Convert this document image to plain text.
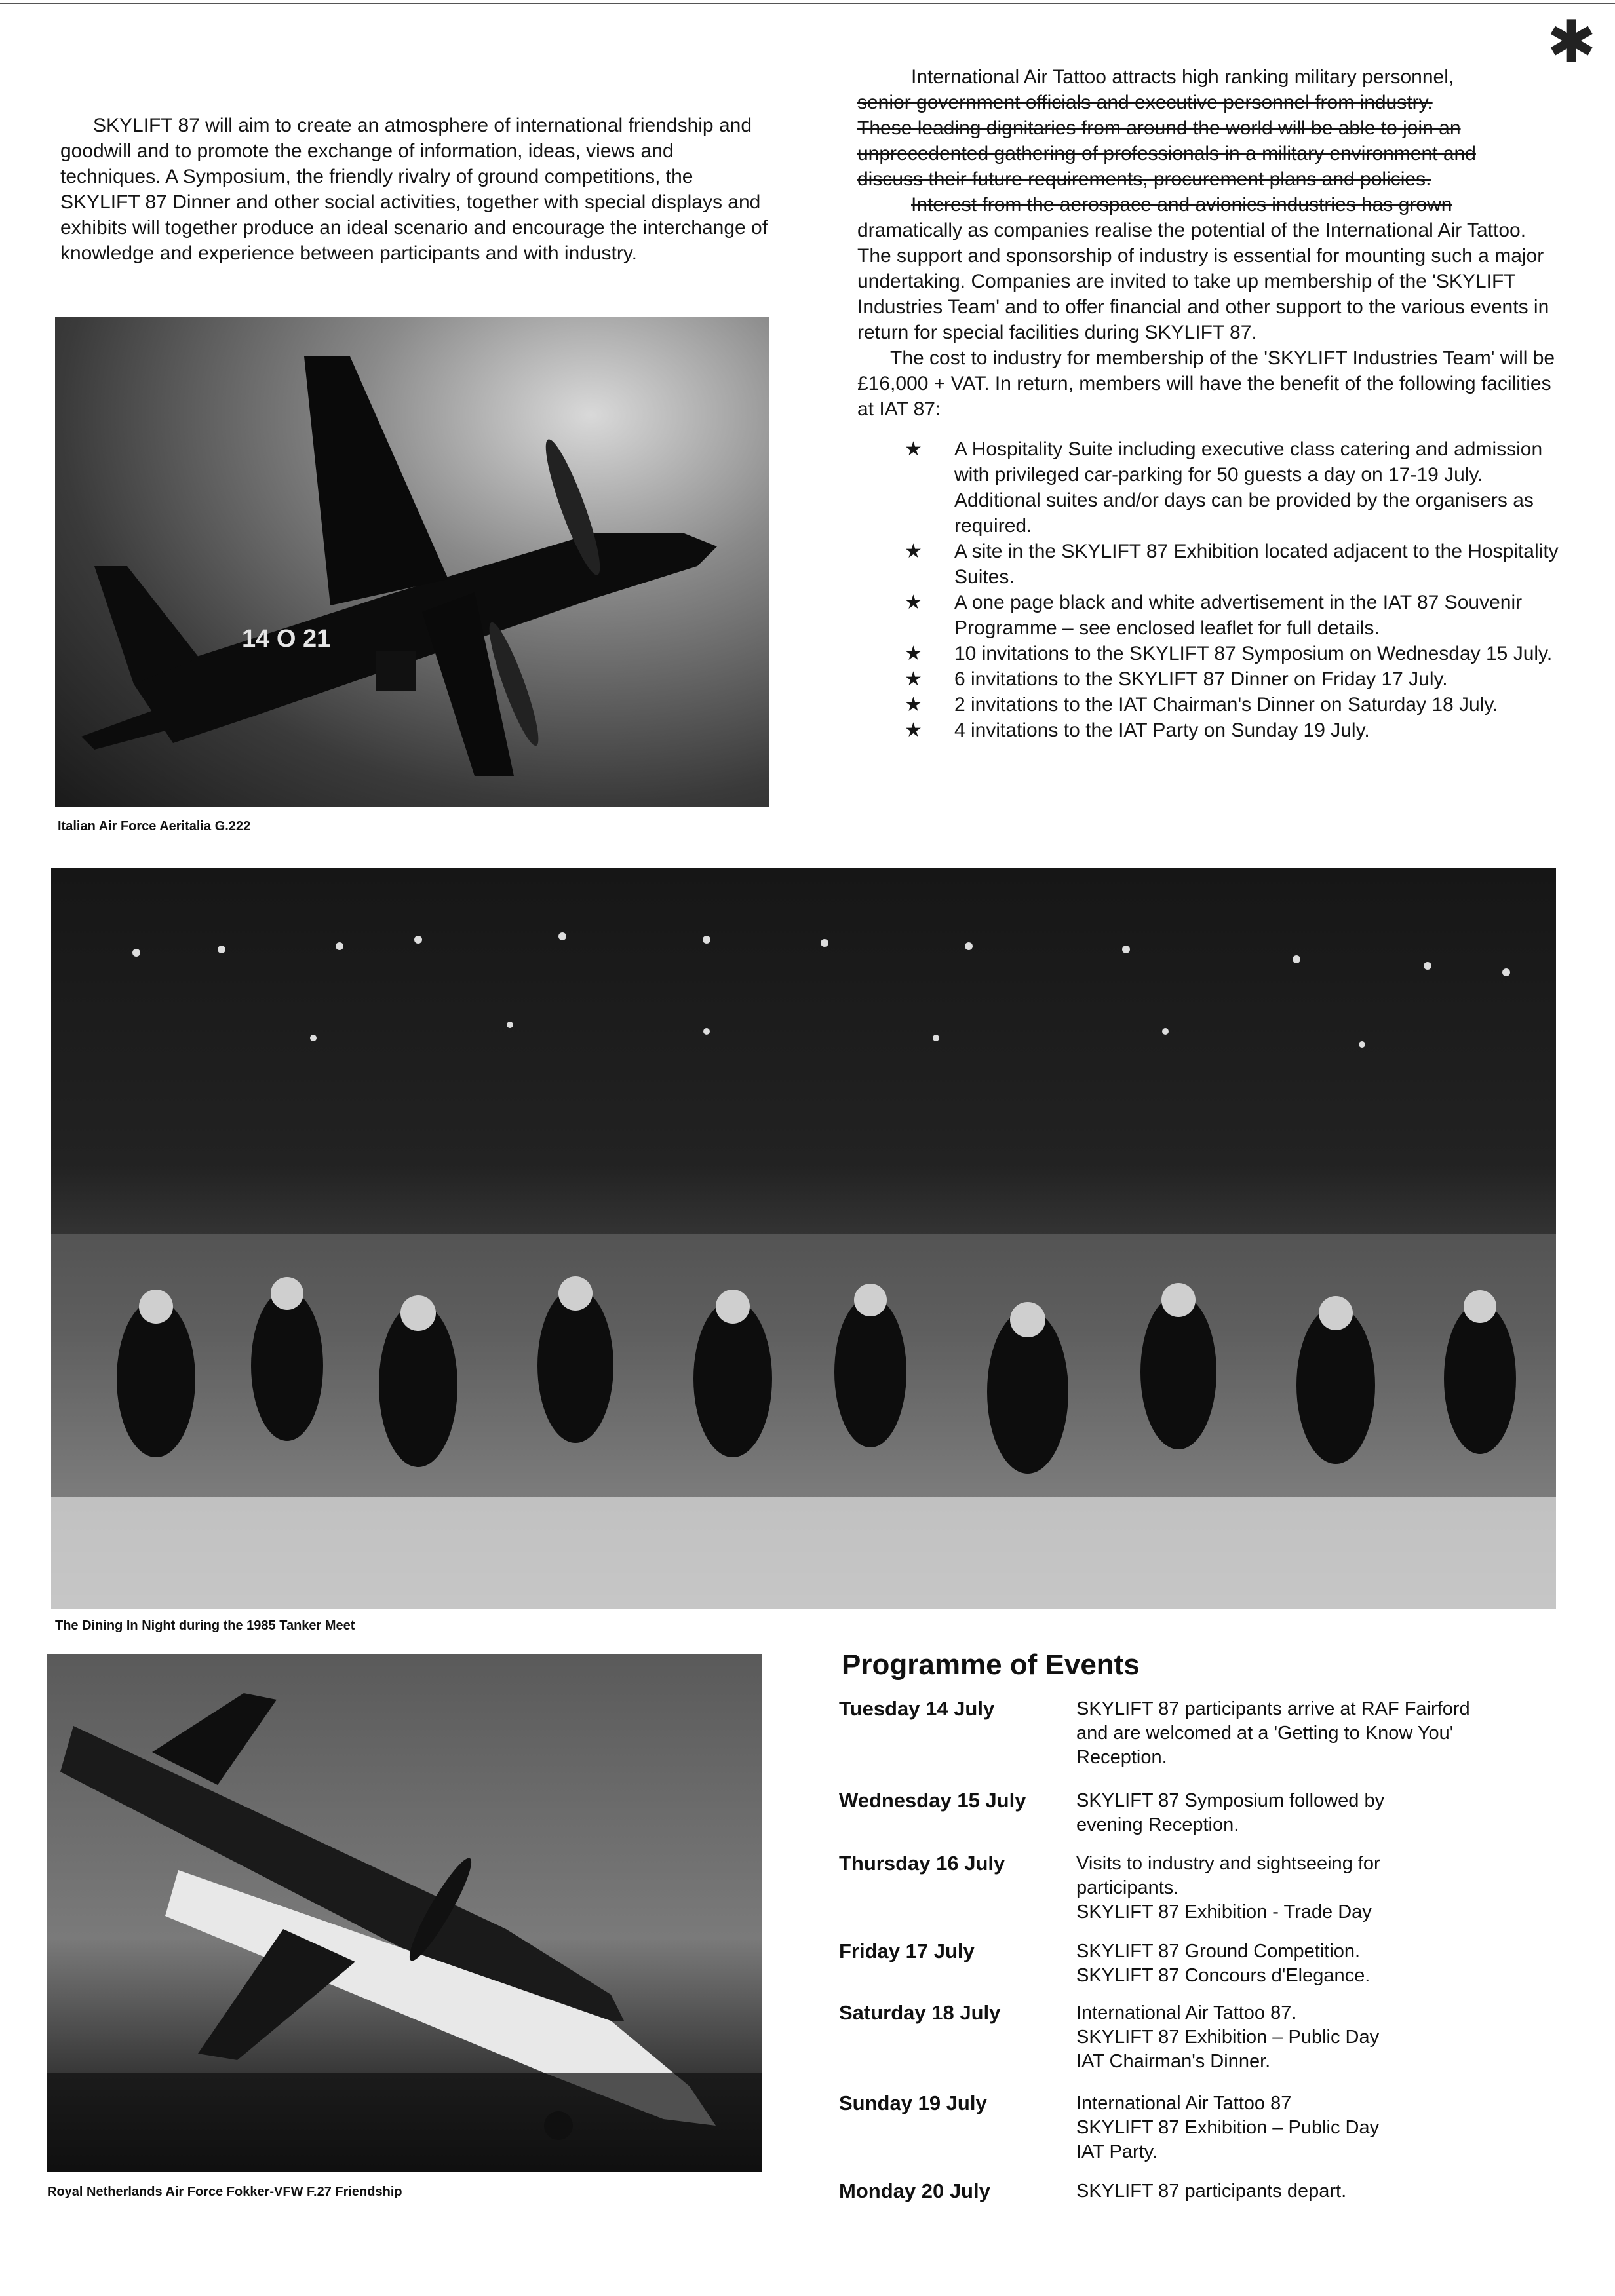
✱

SKYLIFT 87 will aim to create an atmosphere of international friendship and goodwill and to promote the exchange of information, ideas, views and techniques. A Symposium, the friendly rivalry of ground competitions, the SKYLIFT 87 Dinner and other social activities, together with special displays and exhibits will together produce an ideal scenario and encourage the interchange of knowledge and experience between participants and with industry.

International Air Tattoo attracts high ranking military personnel,
senior government officials and executive personnel from industry.
These leading dignitaries from around the world will be able to join an
unprecedented gathering of professionals in a military environment and
discuss their future requirements, procurement plans and policies.
Interest from the aerospace and avionics industries has grown

dramatically as companies realise the potential of the International Air Tattoo. The support and sponsorship of industry is essential for mounting such a major undertaking. Companies are invited to take up membership of the 'SKYLIFT Industries Team' and to offer financial and other support to the various events in return for special facilities during SKYLIFT 87.

The cost to industry for membership of the 'SKYLIFT Industries Team' will be £16,000 + VAT. In return, members will have the benefit of the following facilities at IAT 87:

★ A Hospitality Suite including executive class catering and admission with privileged car-parking for 50 guests a day on 17-19 July. Additional suites and/or days can be provided by the organisers as required.
★ A site in the SKYLIFT 87 Exhibition located adjacent to the Hospitality Suites.
★ A one page black and white advertisement in the IAT 87 Souvenir Programme – see enclosed leaflet for full details.
★ 10 invitations to the SKYLIFT 87 Symposium on Wednesday 15 July.
★ 6 invitations to the SKYLIFT 87 Dinner on Friday 17 July.
★ 2 invitations to the IAT Chairman's Dinner on Saturday 18 July.
★ 4 invitations to the IAT Party on Sunday 19 July.
14 O 21
Italian Air Force Aeritalia G.222
The Dining In Night during the 1985 Tanker Meet
Royal Netherlands Air Force Fokker-VFW F.27 Friendship
Programme of Events
Tuesday 14 July	SKYLIFT 87 participants arrive at RAF Fairford
and are welcomed at a 'Getting to Know You'
Reception.
Wednesday 15 July	SKYLIFT 87 Symposium followed by
evening Reception.
Thursday 16 July	Visits to industry and sightseeing for
participants.
SKYLIFT 87 Exhibition - Trade Day
Friday 17 July	SKYLIFT 87 Ground Competition.
SKYLIFT 87 Concours d'Elegance.
Saturday 18 July	International Air Tattoo 87.
SKYLIFT 87 Exhibition – Public Day
IAT Chairman's Dinner.
Sunday 19 July	International Air Tattoo 87
SKYLIFT 87 Exhibition – Public Day
IAT Party.
Monday 20 July	SKYLIFT 87 participants depart.
